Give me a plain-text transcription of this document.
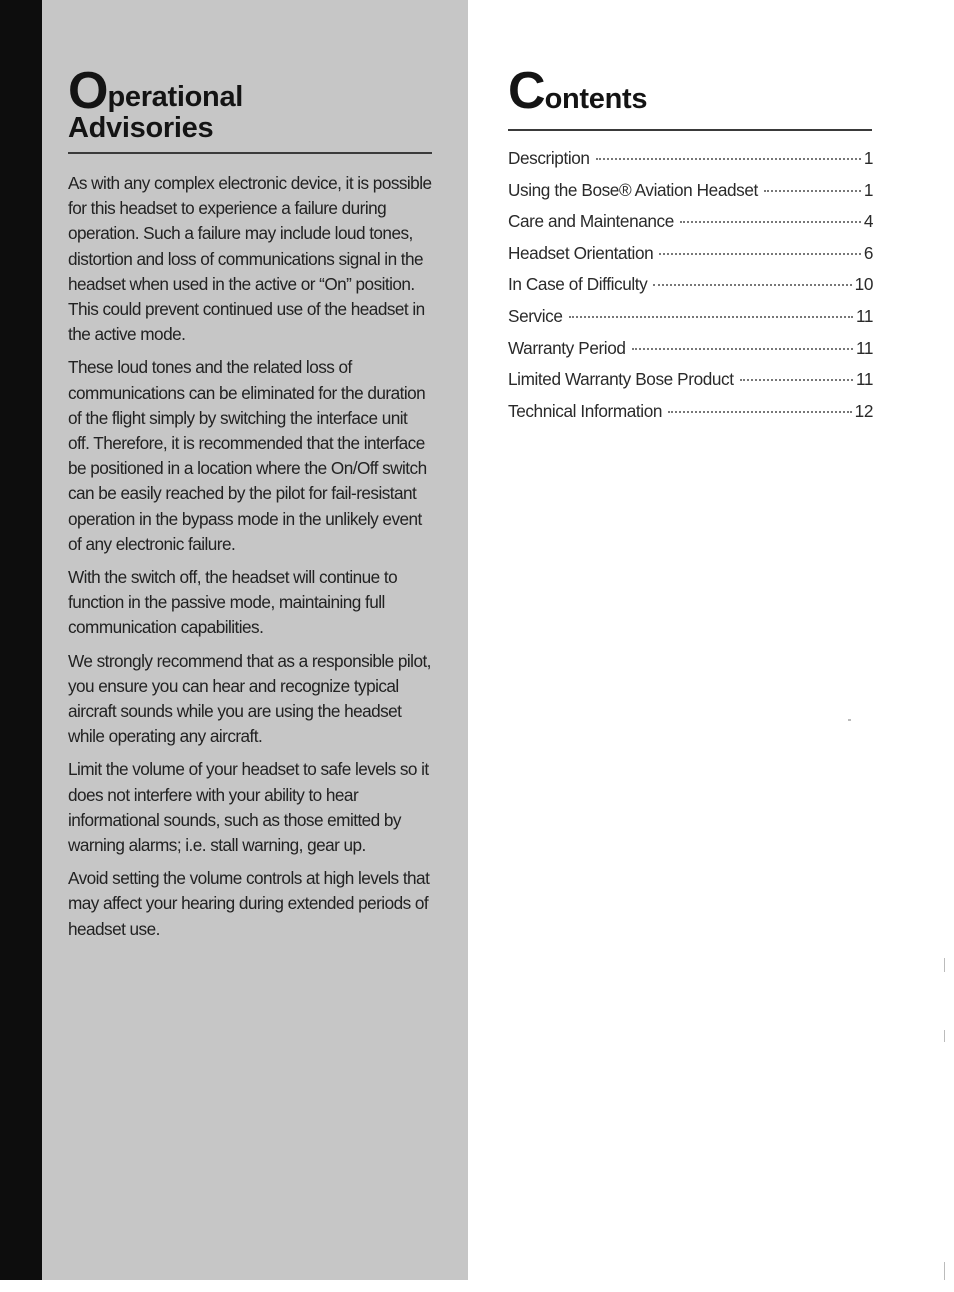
Operational
Advisories

As with any complex electronic device, it is possible for this headset to experience a failure during operation. Such a failure may include loud tones, distortion and loss of communications signal in the headset when used in the active or “On” position. This could prevent continued use of the headset in the active mode.

These loud tones and the related loss of communications can be eliminated for the duration of the flight simply by switching the interface unit off. Therefore, it is recommended that the interface be positioned in a location where the On/Off switch can be easily reached by the pilot for fail-resistant operation in the bypass mode in the unlikely event of any electronic failure.

With the switch off, the headset will continue to function in the passive mode, maintaining full communication capabilities.

We strongly recommend that as a responsible pilot, you ensure you can hear and recognize typical aircraft sounds while you are using the headset while operating any aircraft.

Limit the volume of your headset to safe levels so it does not interfere with your ability to hear informational sounds, such as those emitted by warning alarms; i.e. stall warning, gear up.

Avoid setting the volume controls at high levels that may affect your hearing during extended periods of headset use.

Contents
Description	1
Using the Bose® Aviation Headset	1
Care and Maintenance	4
Headset Orientation	6
In Case of Difficulty	10
Service	11
Warranty Period	11
Limited Warranty Bose Product	11
Technical Information	12
